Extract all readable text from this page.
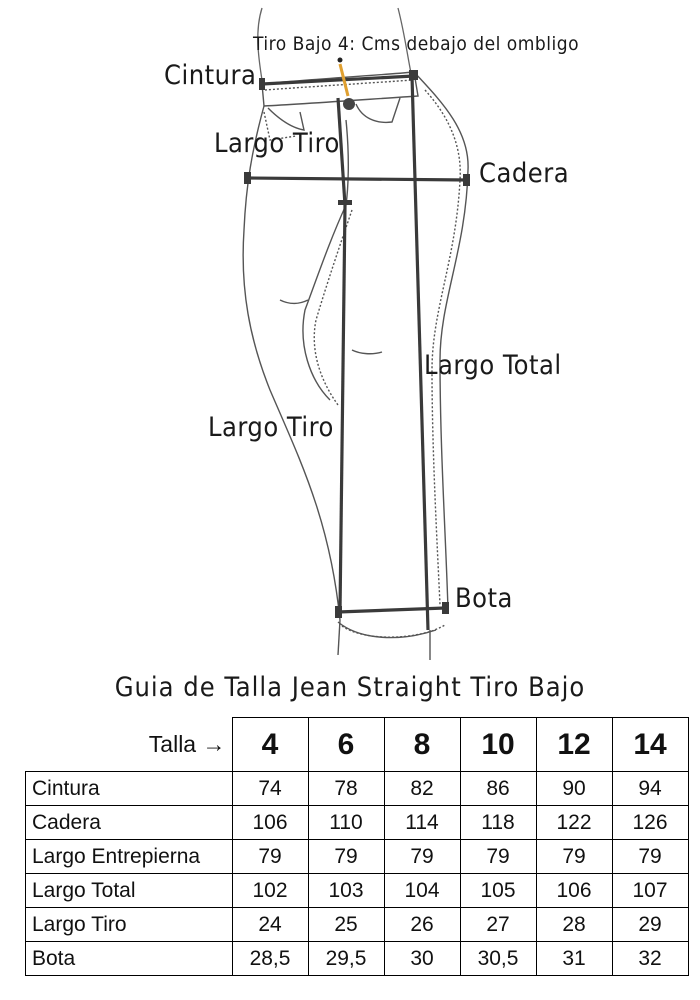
Tiro Bajo 4: Cms debajo del ombligo
Cintura
Largo Tiro
Cadera
Largo Total
Largo Tiro
Bota
Guia de Talla Jean Straight Tiro Bajo
Talla →	4	6	8	10	12	14
Cintura	74	78	82	86	90	94
Cadera	106	110	114	118	122	126
Largo Entrepierna	79	79	79	79	79	79
Largo Total	102	103	104	105	106	107
Largo Tiro	24	25	26	27	28	29
Bota	28,5	29,5	30	30,5	31	32
